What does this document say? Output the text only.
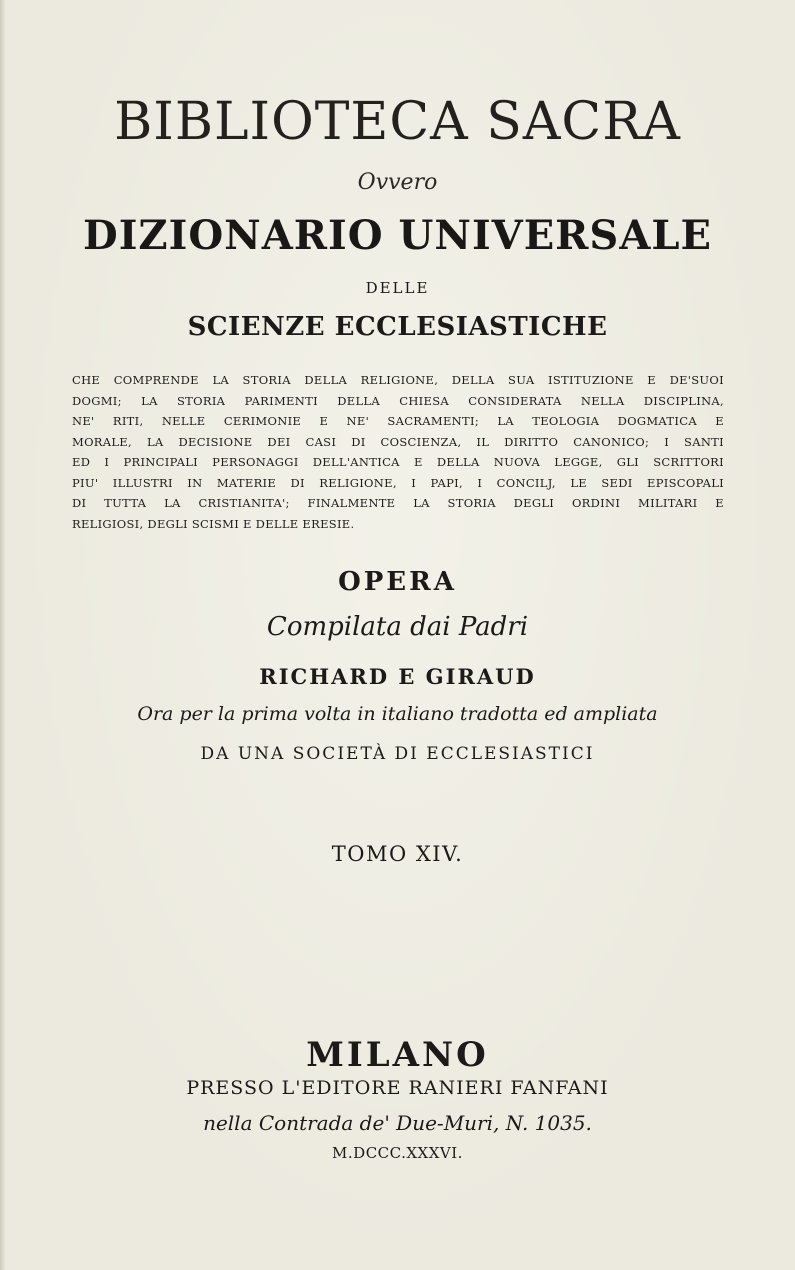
BIBLIOTECA SACRA
Ovvero
DIZIONARIO UNIVERSALE
DELLE
SCIENZE ECCLESIASTICHE
CHE COMPRENDE LA STORIA DELLA RELIGIONE, DELLA SUA ISTITUZIONE E DE'SUOI
DOGMI; LA STORIA PARIMENTI DELLA CHIESA CONSIDERATA NELLA DISCIPLINA,
NE' RITI, NELLE CERIMONIE E NE' SACRAMENTI; LA TEOLOGIA DOGMATICA E
MORALE, LA DECISIONE DEI CASI DI COSCIENZA, IL DIRITTO CANONICO; I SANTI
ED I PRINCIPALI PERSONAGGI DELL'ANTICA E DELLA NUOVA LEGGE, GLI SCRITTORI
PIU' ILLUSTRI IN MATERIE DI RELIGIONE, I PAPI, I CONCILJ, LE SEDI EPISCOPALI
DI TUTTA LA CRISTIANITA'; FINALMENTE LA STORIA DEGLI ORDINI MILITARI E
RELIGIOSI, DEGLI SCISMI E DELLE ERESIE.
OPERA
Compilata dai Padri
RICHARD E GIRAUD
Ora per la prima volta in italiano tradotta ed ampliata
DA UNA SOCIETÀ DI ECCLESIASTICI
TOMO XIV.
MILANO
PRESSO L'EDITORE RANIERI FANFANI
nella Contrada de' Due-Muri, N. 1035.
M.DCCC.XXXVI.
